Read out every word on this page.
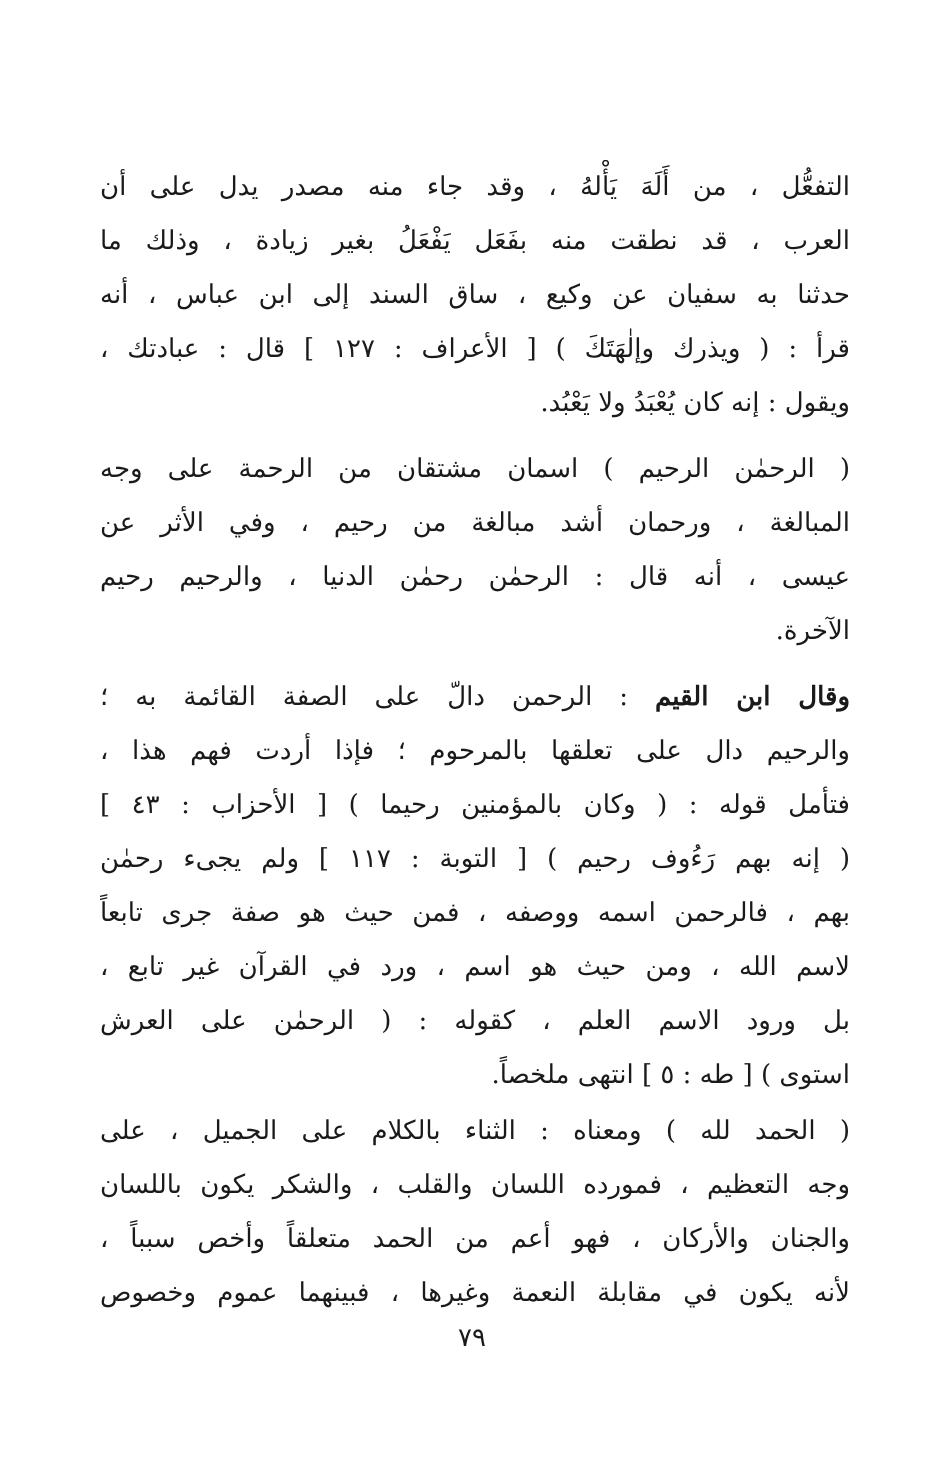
التفعُّل ، من أَلَهَ يَأْلهُ ، وقد جاء منه مصدر يدل على أن
العرب ، قد نطقت منه بفَعَل يَفْعَلُ بغير زيادة ، وذلك ما
حدثنا به سفيان عن وكيع ، ساق السند إلى ابن عباس ، أنه
قرأ : ( ويذرك وإلٰهَتَكَ ) [ الأعراف : ١٢٧ ] قال : عبادتك ،
ويقول : إنه كان يُعْبَدُ ولا يَعْبُد.
( الرحمٰن الرحيم ) اسمان مشتقان من الرحمة على وجه
المبالغة ، ورحمان أشد مبالغة من رحيم ، وفي الأثر عن
عيسى ، أنه قال : الرحمٰن رحمٰن الدنيا ، والرحيم رحيم
الآخرة.
وقال ابن القيم : الرحمن دالّ على الصفة القائمة به ؛
والرحيم دال على تعلقها بالمرحوم ؛ فإذا أردت فهم هذا ،
فتأمل قوله : ( وكان بالمؤمنين رحيما ) [ الأحزاب : ٤٣ ]
( إنه بهم رَءُوف رحيم ) [ التوبة : ١١٧ ] ولم يجىء رحمٰن
بهم ، فالرحمن اسمه ووصفه ، فمن حيث هو صفة جرى تابعاً
لاسم الله ، ومن حيث هو اسم ، ورد في القرآن غير تابع ،
بل ورود الاسم العلم ، كقوله : ( الرحمٰن على العرش
استوى ) [ طه : ٥ ] انتهى ملخصاً.
( الحمد لله ) ومعناه : الثناء بالكلام على الجميل ، على
وجه التعظيم ، فمورده اللسان والقلب ، والشكر يكون باللسان
والجنان والأركان ، فهو أعم من الحمد متعلقاً وأخص سبباً ،
لأنه يكون في مقابلة النعمة وغيرها ، فبينهما عموم وخصوص
٧٩
